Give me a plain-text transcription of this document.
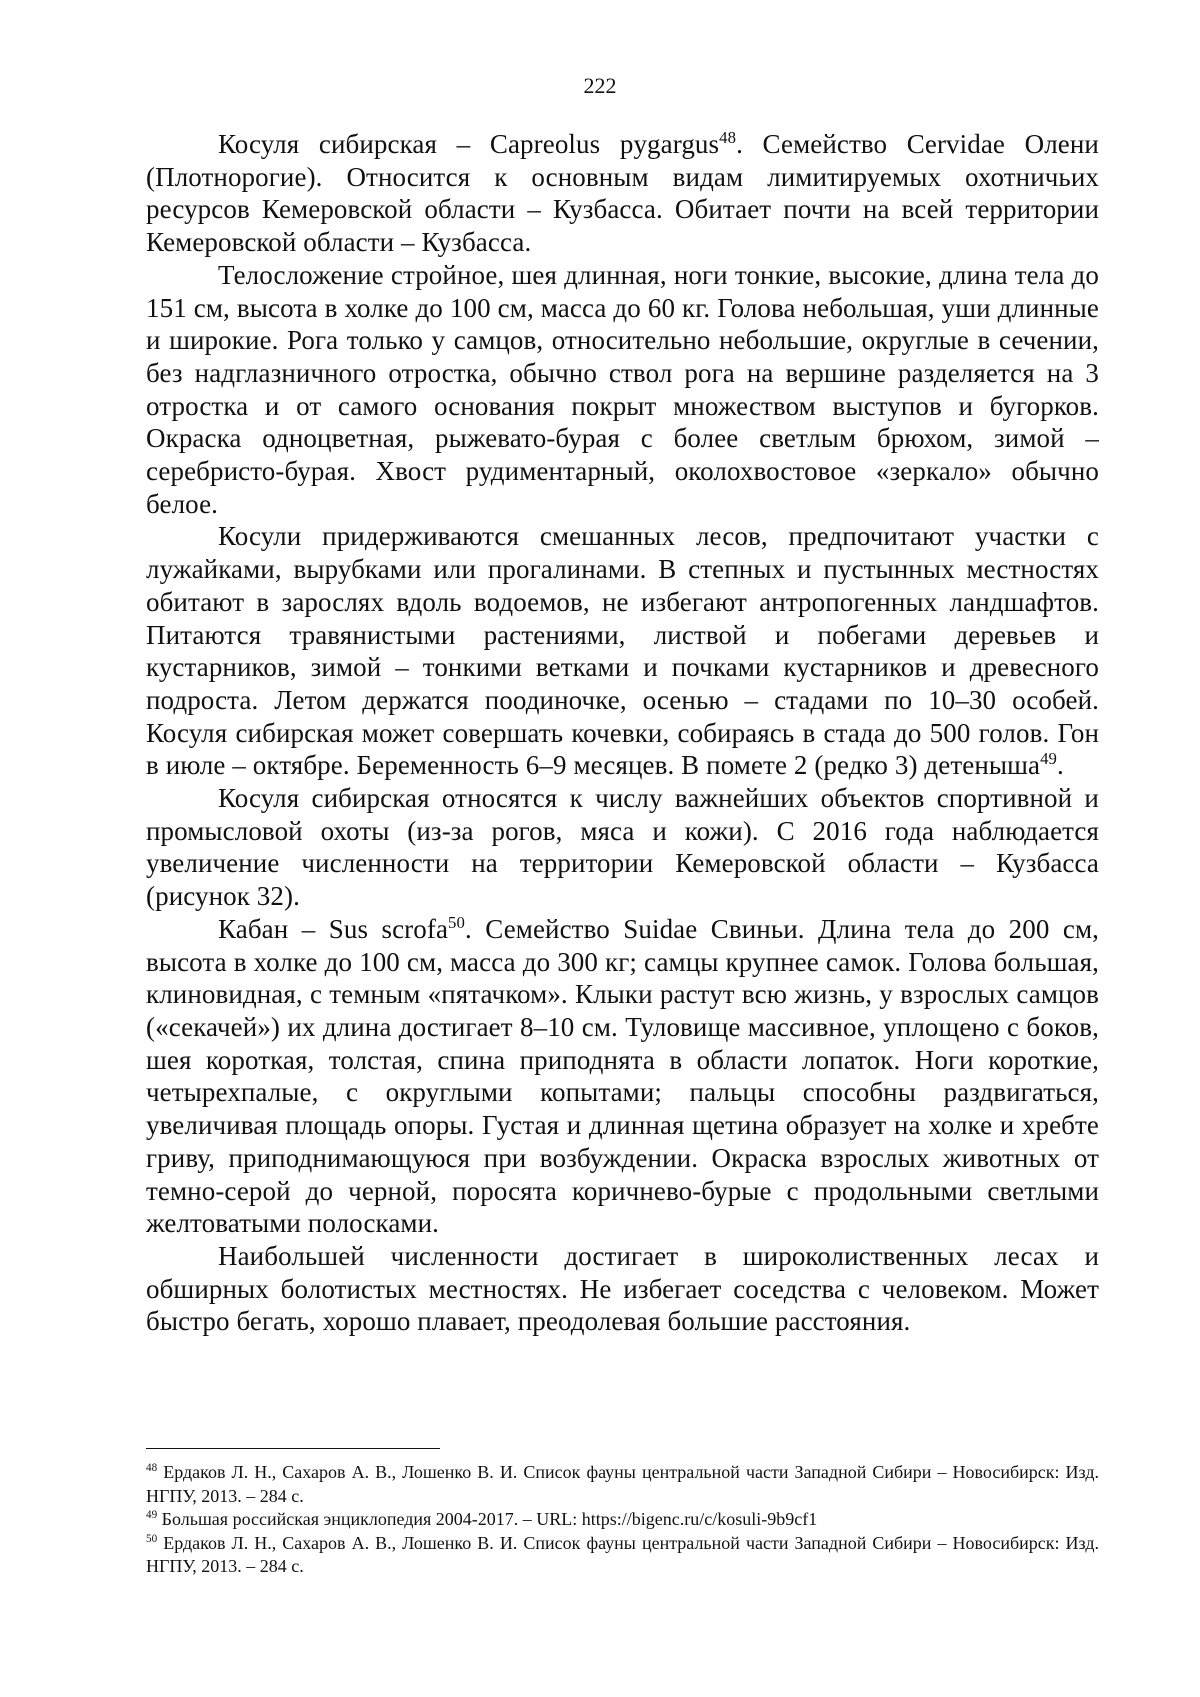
222

Косуля сибирская – Capreolus pygargus$^{48}$. Семейство Cervidae Олени (Плотнорогие). Относится к основным видам лимитируемых охотничьих ресурсов Кемеровской области – Кузбасса. Обитает почти на всей территории Кемеровской области – Кузбасса.

Телосложение стройное, шея длинная, ноги тонкие, высокие, длина тела до 151 см, высота в холке до 100 см, масса до 60 кг. Голова небольшая, уши длинные и широкие. Рога только у самцов, относительно небольшие, округлые в сечении, без надглазничного отростка, обычно ствол рога на вершине разделяется на 3 отростка и от самого основания покрыт множеством выступов и бугорков. Окраска одноцветная, рыжевато-бурая с более светлым брюхом, зимой – серебристо-бурая. Хвост рудиментарный, околохвостовое «зеркало» обычно белое.

Косули придерживаются смешанных лесов, предпочитают участки с лужайками, вырубками или прогалинами. В степных и пустынных местностях обитают в зарослях вдоль водоемов, не избегают антропогенных ландшафтов. Питаются травянистыми растениями, листвой и побегами деревьев и кустарников, зимой – тонкими ветками и почками кустарников и древесного подроста. Летом держатся поодиночке, осенью – стадами по 10–30 особей. Косуля сибирская может совершать кочевки, собираясь в стада до 500 голов. Гон в июле – октябре. Беременность 6–9 месяцев. В помете 2 (редко 3) детеныша$^{49}$.

Косуля сибирская относятся к числу важнейших объектов спортивной и промысловой охоты (из-за рогов, мяса и кожи). С 2016 года наблюдается увеличение численности на территории Кемеровской области – Кузбасса (рисунок 32).

Кабан – Sus scrofa$^{50}$. Семейство Suidae Свиньи. Длина тела до 200 см, высота в холке до 100 см, масса до 300 кг; самцы крупнее самок. Голова большая, клиновидная, с темным «пятачком». Клыки растут всю жизнь, у взрослых самцов («секачей») их длина достигает 8–10 см. Туловище массивное, уплощено с боков, шея короткая, толстая, спина приподнята в области лопаток. Ноги короткие, четырехпалые, с округлыми копытами; пальцы способны раздвигаться, увеличивая площадь опоры. Густая и длинная щетина образует на холке и хребте гриву, приподнимающуюся при возбуждении. Окраска взрослых животных от темно-серой до черной, поросята коричнево-бурые с продольными светлыми желтоватыми полосками.

Наибольшей численности достигает в широколиственных лесах и обширных болотистых местностях. Не избегает соседства с человеком. Может быстро бегать, хорошо плавает, преодолевая большие расстояния.

$^{48}$ Ердаков Л. Н., Сахаров А. В., Лошенко В. И. Список фауны центральной части Западной Сибири – Новосибирск: Изд. НГПУ, 2013. – 284 с.

$^{49}$ Большая российская энциклопедия 2004-2017. – URL: https://bigenc.ru/c/kosuli-9b9cf1

$^{50}$ Ердаков Л. Н., Сахаров А. В., Лошенко В. И. Список фауны центральной части Западной Сибири – Новосибирск: Изд. НГПУ, 2013. – 284 с.
